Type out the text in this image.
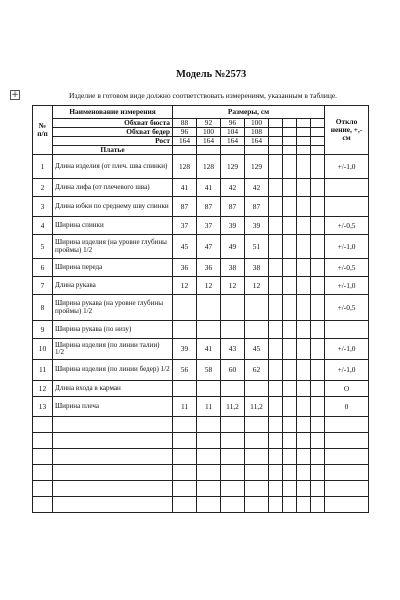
Модель №2573
+	Изделие в готовом виде должно соответствовать измерениям, указанным в таблице.
№ п/п	Наименование измерения	Размеры, см								Откло нение, +,- см
	Обхват бюста	88	92	96	100					
	Обхват бедер	96	100	104	108					
	Рост	164	164	164	164					
	Платье									
1	Длина изделия (от плеч. шва спинки)	128	128	129	129					+/-1,0
2	Длина лифа (от плечевого шва)	41	41	42	42					
3	Длина юбки по среднему шву спинки	87	87	87	87					
4	Ширина спинки	37	37	39	39					+/-0,5
5	Ширина изделия (на уровне глубины проймы) 1/2	45	47	49	51					+/-1,0
6	Ширина переда	36	36	38	38					+/-0,5
7	Длина рукава	12	12	12	12					+/-1,0
8	Ширина рукава (на уровне глубины проймы) 1/2									+/-0,5
9	Ширина рукава (по низу)									
10	Ширина изделия (по линии талии) 1/2	39	41	43	45					+/-1,0
11	Ширина изделия (по линии бедер) 1/2	56	58	60	62					+/-1,0
12	Длина входа в карман									О
13	Ширина плеча	11	11	11,2	11,2					0
